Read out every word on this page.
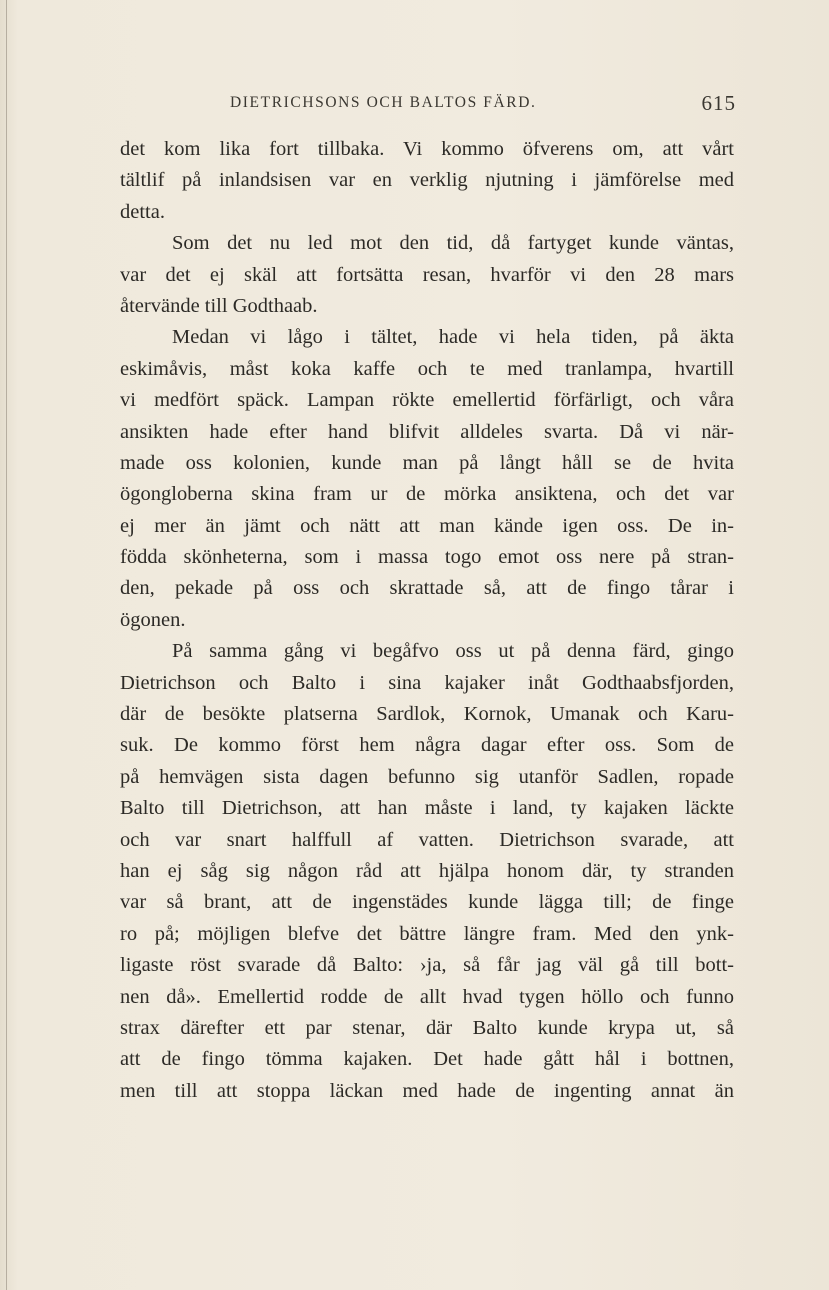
DIETRICHSONS OCH BALTOS FÄRD.	615
det kom lika fort tillbaka. Vi kommo öfverens om, att vårt
tältlif på inlandsisen var en verklig njutning i jämförelse med
detta.
Som det nu led mot den tid, då fartyget kunde väntas,
var det ej skäl att fortsätta resan, hvarför vi den 28 mars
återvände till Godthaab.
Medan vi lågo i tältet, hade vi hela tiden, på äkta
eskimåvis, måst koka kaffe och te med tranlampa, hvartill
vi medfört späck. Lampan rökte emellertid förfärligt, och våra
ansikten hade efter hand blifvit alldeles svarta. Då vi när-
made oss kolonien, kunde man på långt håll se de hvita
ögongloberna skina fram ur de mörka ansiktena, och det var
ej mer än jämt och nätt att man kände igen oss. De in-
födda skönheterna, som i massa togo emot oss nere på stran-
den, pekade på oss och skrattade så, att de fingo tårar i
ögonen.
På samma gång vi begåfvo oss ut på denna färd, gingo
Dietrichson och Balto i sina kajaker inåt Godthaabsfjorden,
där de besökte platserna Sardlok, Kornok, Umanak och Karu-
suk. De kommo först hem några dagar efter oss. Som de
på hemvägen sista dagen befunno sig utanför Sadlen, ropade
Balto till Dietrichson, att han måste i land, ty kajaken läckte
och var snart halffull af vatten. Dietrichson svarade, att
han ej såg sig någon råd att hjälpa honom där, ty stranden
var så brant, att de ingenstädes kunde lägga till; de finge
ro på; möjligen blefve det bättre längre fram. Med den ynk-
ligaste röst svarade då Balto: ›ja, så får jag väl gå till bott-
nen då». Emellertid rodde de allt hvad tygen höllo och funno
strax därefter ett par stenar, där Balto kunde krypa ut, så
att de fingo tömma kajaken. Det hade gått hål i bottnen,
men till att stoppa läckan med hade de ingenting annat än
